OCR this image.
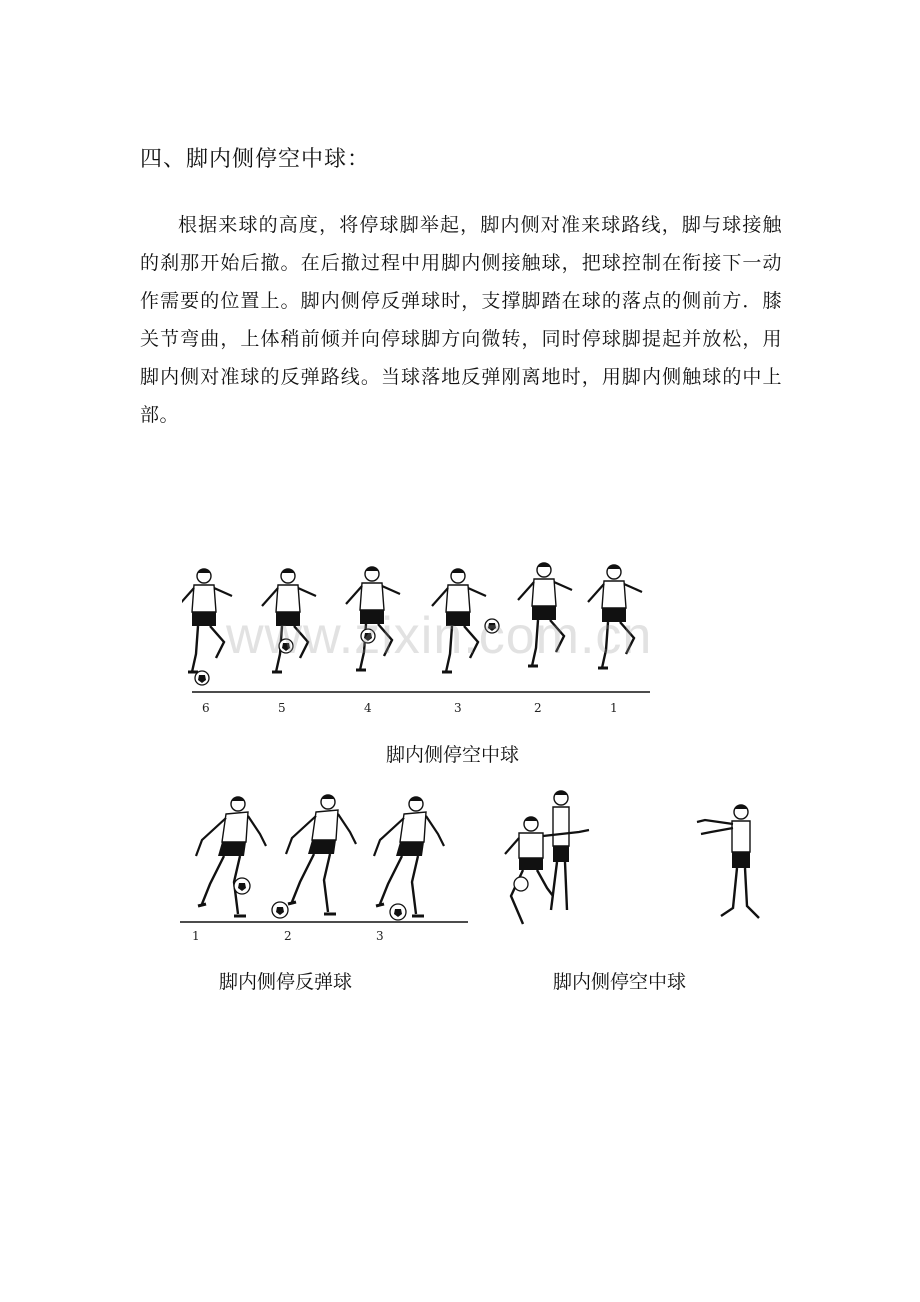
四、脚内侧停空中球：

根据来球的高度，将停球脚举起，脚内侧对准来球路线，脚与球接触的刹那开始后撤。在后撤过程中用脚内侧接触球，把球控制在衔接下一动作需要的位置上。脚内侧停反弹球时，支撑脚踏在球的落点的侧前方．膝关节弯曲，上体稍前倾并向停球脚方向微转，同时停球脚提起并放松，用脚内侧对准球的反弹路线。当球落地反弹刚离地时，用脚内侧触球的中上部。

6	5	4	3	2	1
www.zixin.com.cn
脚内侧停空中球
1	2	3
脚内侧停反弹球	脚内侧停空中球
